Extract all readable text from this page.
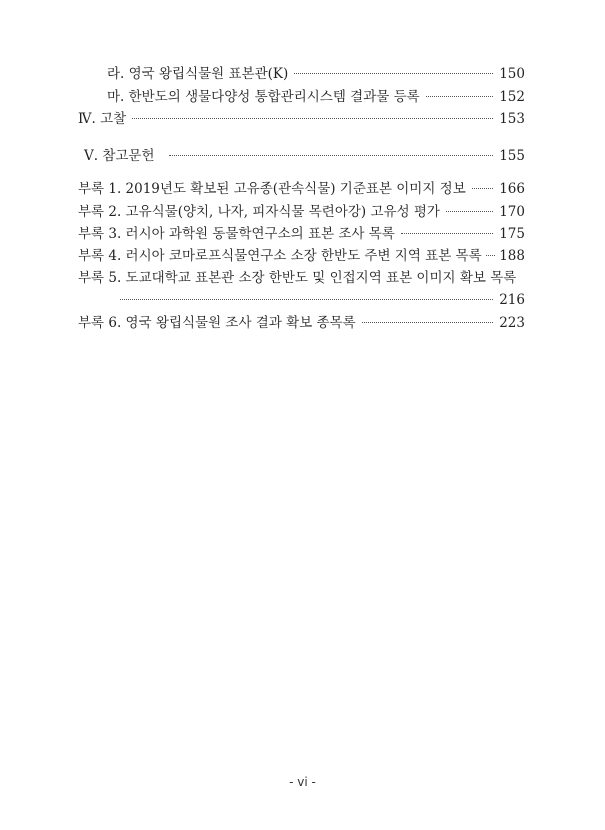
라. 영국 왕립식물원 표본관(K)	150
마. 한반도의 생물다양성 통합관리시스템 결과물 등록	152
Ⅳ. 고찰	153
Ⅴ. 참고문헌	155
부록 1. 2019년도 확보된 고유종(관속식물) 기준표본 이미지 정보 166
부록 2. 고유식물(양치, 나자, 피자식물 목련아강) 고유성 평가	170
부록 3. 러시아 과학원 동물학연구소의 표본 조사 목록	175
부록 4. 러시아 코마로프식물연구소 소장 한반도 주변 지역 표본 목록 188
부록 5. 도교대학교 표본관 소장 한반도 및 인접지역 표본 이미지 확보 목록
216
부록 6. 영국 왕립식물원 조사 결과 확보 종목록	223
- vi -
